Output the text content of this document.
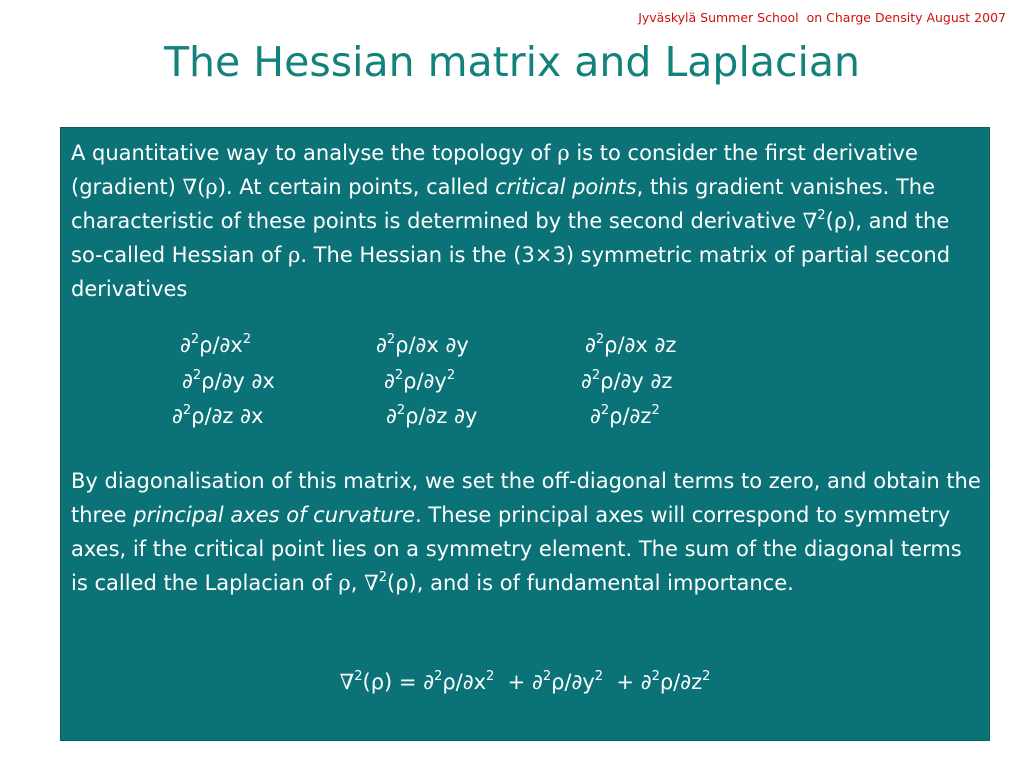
Jyväskylä Summer School  on Charge Density August 2007
The Hessian matrix and Laplacian
A quantitative way to analyse the topology of ρ is to consider the first derivative (gradient) ∇(ρ). At certain points, called critical points, this gradient vanishes. The characteristic of these points is determined by the second derivative ∇$^2$(ρ), and the so-called Hessian of ρ. The Hessian is the (3×3) symmetric matrix of partial second derivatives
$\partial^2\rho/\partial x^2$	∂$^2$ρ/∂x ∂y	∂$^2$ρ/∂x ∂z
∂$^2$ρ/∂y ∂x	$\partial^2\rho/\partial y^2$	∂$^2$ρ/∂y ∂z
∂$^2$ρ/∂z ∂x	∂$^2$ρ/∂z ∂y	$\partial^2\rho/\partial z^2$
By diagonalisation of this matrix, we set the off-diagonal terms to zero, and obtain the three principal axes of curvature. These principal axes will correspond to symmetry axes, if the critical point lies on a symmetry element. The sum of the diagonal terms is called the Laplacian of ρ, ∇$^2$(ρ), and is of fundamental importance.
$\nabla^2(\rho) = \partial^2\rho/\partial x^2 + \partial^2\rho/\partial y^2 + \partial^2\rho/\partial z^2$
